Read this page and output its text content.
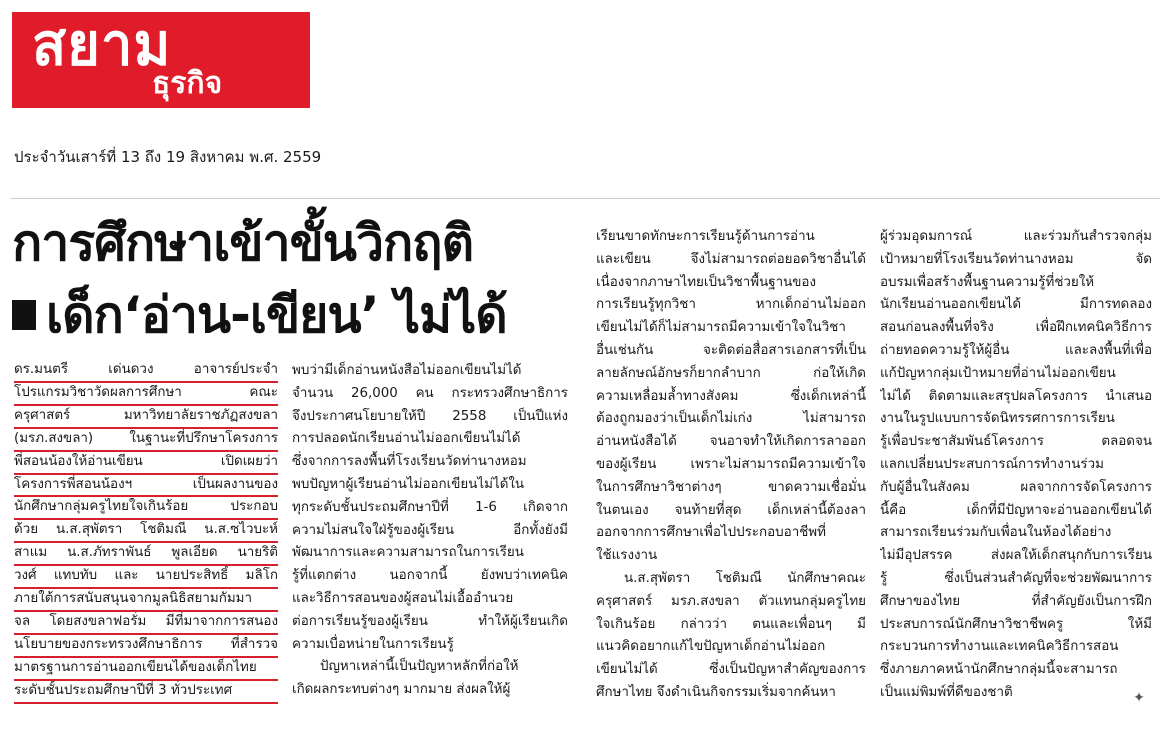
สยาม
ธุรกิจ
ประจำวันเสาร์ที่ 13 ถึง 19 สิงหาคม พ.ศ. 2559
การศึกษาเข้าขั้นวิกฤติ
เด็ก‘อ่าน-เขียน’ ไม่ได้
ดร.มนตรี เด่นดวง อาจารย์ประจำ
โปรแกรมวิชาวัดผลการศึกษา คณะ
ครุศาสตร์ มหาวิทยาลัยราชภัฏสงขลา
(มรภ.สงขลา) ในฐานะที่ปรึกษาโครงการ
พี่สอนน้องให้อ่านเขียน เปิดเผยว่า
โครงการพี่สอนน้องฯ เป็นผลงานของ
นักศึกษากลุ่มครูไทยใจเกินร้อย ประกอบ
ด้วย น.ส.สุพัตรา โชติมณี น.ส.ซไวบะห์
สาแม น.ส.ภัทราพันธ์ พูลเอียด นายริติ
วงศ์ แทบทับ และ นายประสิทธิ์ มลิโก
ภายใต้การสนับสนุนจากมูลนิธิสยามกัมมา
จล โดยสงขลาฟอรั่ม มีที่มาจากการสนอง
นโยบายของกระทรวงศึกษาธิการ ที่สำรวจ
มาตรฐานการอ่านออกเขียนได้ของเด็กไทย
ระดับชั้นประถมศึกษาปีที่ 3 ทั่วประเทศ
พบว่ามีเด็กอ่านหนังสือไม่ออกเขียนไม่ได้
จำนวน 26,000 คน กระทรวงศึกษาธิการ
จึงประกาศนโยบายให้ปี 2558 เป็นปีแห่ง
การปลอดนักเรียนอ่านไม่ออกเขียนไม่ได้
ซึ่งจากการลงพื้นที่โรงเรียนวัดท่านางหอม
พบปัญหาผู้เรียนอ่านไม่ออกเขียนไม่ได้ใน
ทุกระดับชั้นประถมศึกษาปีที่ 1-6 เกิดจาก
ความไม่สนใจใฝ่รู้ของผู้เรียน อีกทั้งยังมี
พัฒนาการและความสามารถในการเรียน
รู้ที่แตกต่าง นอกจากนี้ ยังพบว่าเทคนิค
และวิธีการสอนของผู้สอนไม่เอื้ออำนวย
ต่อการเรียนรู้ของผู้เรียน ทำให้ผู้เรียนเกิด
ความเบื่อหน่ายในการเรียนรู้
ปัญหาเหล่านี้เป็นปัญหาหลักที่ก่อให้
เกิดผลกระทบต่างๆ มากมาย ส่งผลให้ผู้
เรียนขาดทักษะการเรียนรู้ด้านการอ่าน
และเขียน จึงไม่สามารถต่อยอดวิชาอื่นได้
เนื่องจากภาษาไทยเป็นวิชาพื้นฐานของ
การเรียนรู้ทุกวิชา หากเด็กอ่านไม่ออก
เขียนไม่ได้ก็ไม่สามารถมีความเข้าใจในวิชา
อื่นเช่นกัน จะติดต่อสื่อสารเอกสารที่เป็น
ลายลักษณ์อักษรก็ยากลำบาก ก่อให้เกิด
ความเหลื่อมล้ำทางสังคม ซึ่งเด็กเหล่านี้
ต้องถูกมองว่าเป็นเด็กไม่เก่ง ไม่สามารถ
อ่านหนังสือได้ จนอาจทำให้เกิดการลาออก
ของผู้เรียน เพราะไม่สามารถมีความเข้าใจ
ในการศึกษาวิชาต่างๆ ขาดความเชื่อมั่น
ในตนเอง จนท้ายที่สุด เด็กเหล่านี้ต้องลา
ออกจากการศึกษาเพื่อไปประกอบอาชีพที่
ใช้แรงงาน
น.ส.สุพัตรา โชติมณี นักศึกษาคณะ
ครุศาสตร์ มรภ.สงขลา ตัวแทนกลุ่มครูไทย
ใจเกินร้อย กล่าวว่า ตนและเพื่อนๆ มี
แนวคิดอยากแก้ไขปัญหาเด็กอ่านไม่ออก
เขียนไม่ได้ ซึ่งเป็นปัญหาสำคัญของการ
ศึกษาไทย จึงดำเนินกิจกรรมเริ่มจากค้นหา
ผู้ร่วมอุดมการณ์ และร่วมกันสำรวจกลุ่ม
เป้าหมายที่โรงเรียนวัดท่านางหอม จัด
อบรมเพื่อสร้างพื้นฐานความรู้ที่ช่วยให้
นักเรียนอ่านออกเขียนได้ มีการทดลอง
สอนก่อนลงพื้นที่จริง เพื่อฝึกเทคนิควิธีการ
ถ่ายทอดความรู้ให้ผู้อื่น และลงพื้นที่เพื่อ
แก้ปัญหากลุ่มเป้าหมายที่อ่านไม่ออกเขียน
ไม่ได้ ติดตามและสรุปผลโครงการ นำเสนอ
งานในรูปแบบการจัดนิทรรศการการเรียน
รู้เพื่อประชาสัมพันธ์โครงการ ตลอดจน
แลกเปลี่ยนประสบการณ์การทำงานร่วม
กับผู้อื่นในสังคม ผลจากการจัดโครงการ
นี้คือ เด็กที่มีปัญหาจะอ่านออกเขียนได้
สามารถเรียนร่วมกับเพื่อนในห้องได้อย่าง
ไม่มีอุปสรรค ส่งผลให้เด็กสนุกกับการเรียน
รู้ ซึ่งเป็นส่วนสำคัญที่จะช่วยพัฒนาการ
ศึกษาของไทย ที่สำคัญยังเป็นการฝึก
ประสบการณ์นักศึกษาวิชาชีพครู ให้มี
กระบวนการทำงานและเทคนิควิธีการสอน
ซึ่งภายภาคหน้านักศึกษากลุ่มนี้จะสามารถ
เป็นแม่พิมพ์ที่ดีของชาติ	✦
